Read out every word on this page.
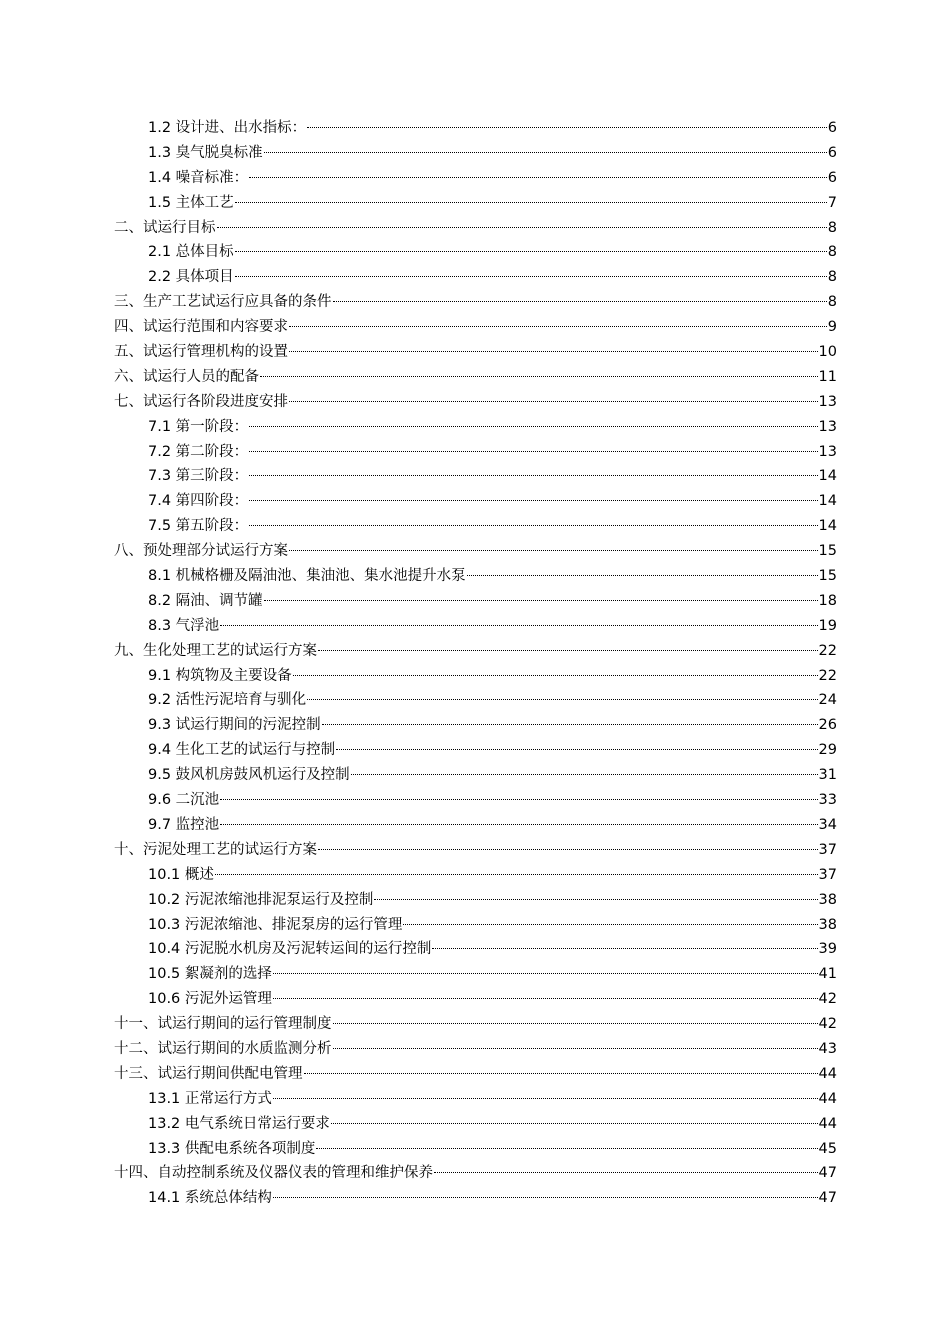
1.2 设计进、出水指标：	6
1.3 臭气脱臭标准	6
1.4 噪音标准：	6
1.5 主体工艺	7
二、试运行目标	8
2.1 总体目标	8
2.2 具体项目	8
三、生产工艺试运行应具备的条件	8
四、试运行范围和内容要求	9
五、试运行管理机构的设置	10
六、试运行人员的配备	11
七、试运行各阶段进度安排	13
7.1 第一阶段：	13
7.2 第二阶段：	13
7.3 第三阶段：	14
7.4 第四阶段：	14
7.5 第五阶段：	14
八、预处理部分试运行方案	15
8.1 机械格栅及隔油池、集油池、集水池提升水泵	15
8.2 隔油、调节罐	18
8.3 气浮池	19
九、生化处理工艺的试运行方案	22
9.1 构筑物及主要设备	22
9.2 活性污泥培育与驯化	24
9.3 试运行期间的污泥控制	26
9.4 生化工艺的试运行与控制	29
9.5 鼓风机房鼓风机运行及控制	31
9.6 二沉池	33
9.7 监控池	34
十、污泥处理工艺的试运行方案	37
10.1 概述	37
10.2 污泥浓缩池排泥泵运行及控制	38
10.3 污泥浓缩池、排泥泵房的运行管理	38
10.4 污泥脱水机房及污泥转运间的运行控制	39
10.5 絮凝剂的选择	41
10.6 污泥外运管理	42
十一、试运行期间的运行管理制度	42
十二、试运行期间的水质监测分析	43
十三、试运行期间供配电管理	44
13.1 正常运行方式	44
13.2 电气系统日常运行要求	44
13.3 供配电系统各项制度	45
十四、自动控制系统及仪器仪表的管理和维护保养	47
14.1 系统总体结构	47
